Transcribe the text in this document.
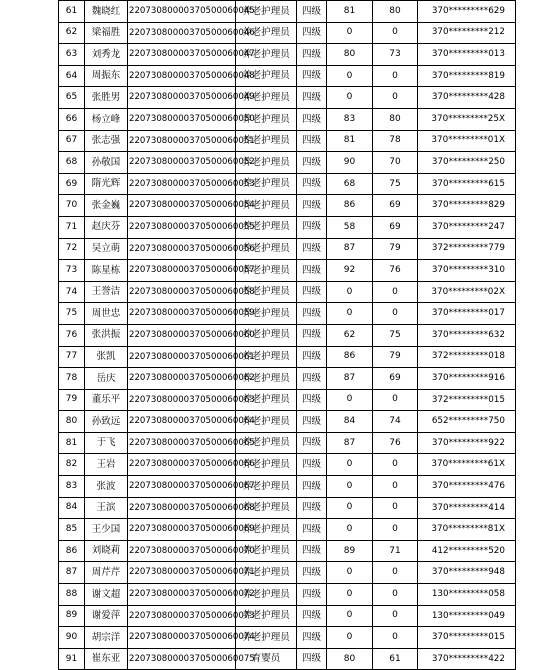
61	魏晓红	22073080000370500060045	养老护理员	四级	81	80	370*********629
62	梁福胜	22073080000370500060046	养老护理员	四级	0	0	370*********212
63	刘秀龙	22073080000370500060047	养老护理员	四级	80	73	370*********013
64	周振东	22073080000370500060048	养老护理员	四级	0	0	370*********819
65	张胜男	22073080000370500060049	养老护理员	四级	0	0	370*********428
66	杨立峰	22073080000370500060050	养老护理员	四级	83	80	370*********25X
67	张志强	22073080000370500060051	养老护理员	四级	81	78	370*********01X
68	孙敬国	22073080000370500060052	养老护理员	四级	90	70	370*********250
69	隋光辉	22073080000370500060053	养老护理员	四级	68	75	370*********615
70	张金巍	22073080000370500060054	养老护理员	四级	86	69	370*********829
71	赵庆芬	22073080000370500060055	养老护理员	四级	58	69	370*********247
72	吴立萌	22073080000370500060056	养老护理员	四级	87	79	372*********779
73	陈星栋	22073080000370500060057	养老护理员	四级	92	76	370*********310
74	王誉洁	22073080000370500060058	养老护理员	四级	0	0	370*********02X
75	周世忠	22073080000370500060059	养老护理员	四级	0	0	370*********017
76	张洪振	22073080000370500060060	养老护理员	四级	62	75	370*********632
77	张凯	22073080000370500060061	养老护理员	四级	86	79	372*********018
78	岳庆	22073080000370500060062	养老护理员	四级	87	69	370*********916
79	董乐平	22073080000370500060063	养老护理员	四级	0	0	372*********015
80	孙致远	22073080000370500060064	养老护理员	四级	84	74	652*********750
81	于飞	22073080000370500060065	养老护理员	四级	87	76	370*********922
82	王岩	22073080000370500060066	养老护理员	四级	0	0	370*********61X
83	张波	22073080000370500060067	养老护理员	四级	0	0	370*********476
84	王滨	22073080000370500060068	养老护理员	四级	0	0	370*********414
85	王少国	22073080000370500060069	养老护理员	四级	0	0	370*********81X
86	刘晓莉	22073080000370500060070	养老护理员	四级	89	71	412*********520
87	周芹芹	22073080000370500060071	养老护理员	四级	0	0	370*********948
88	谢文超	22073080000370500060072	养老护理员	四级	0	0	130*********058
89	谢爱萍	22073080000370500060073	养老护理员	四级	0	0	130*********049
90	胡宗洋	22073080000370500060074	养老护理员	四级	0	0	370*********015
91	崔东亚	22073080000370500060075	育婴员	四级	80	61	370*********422
